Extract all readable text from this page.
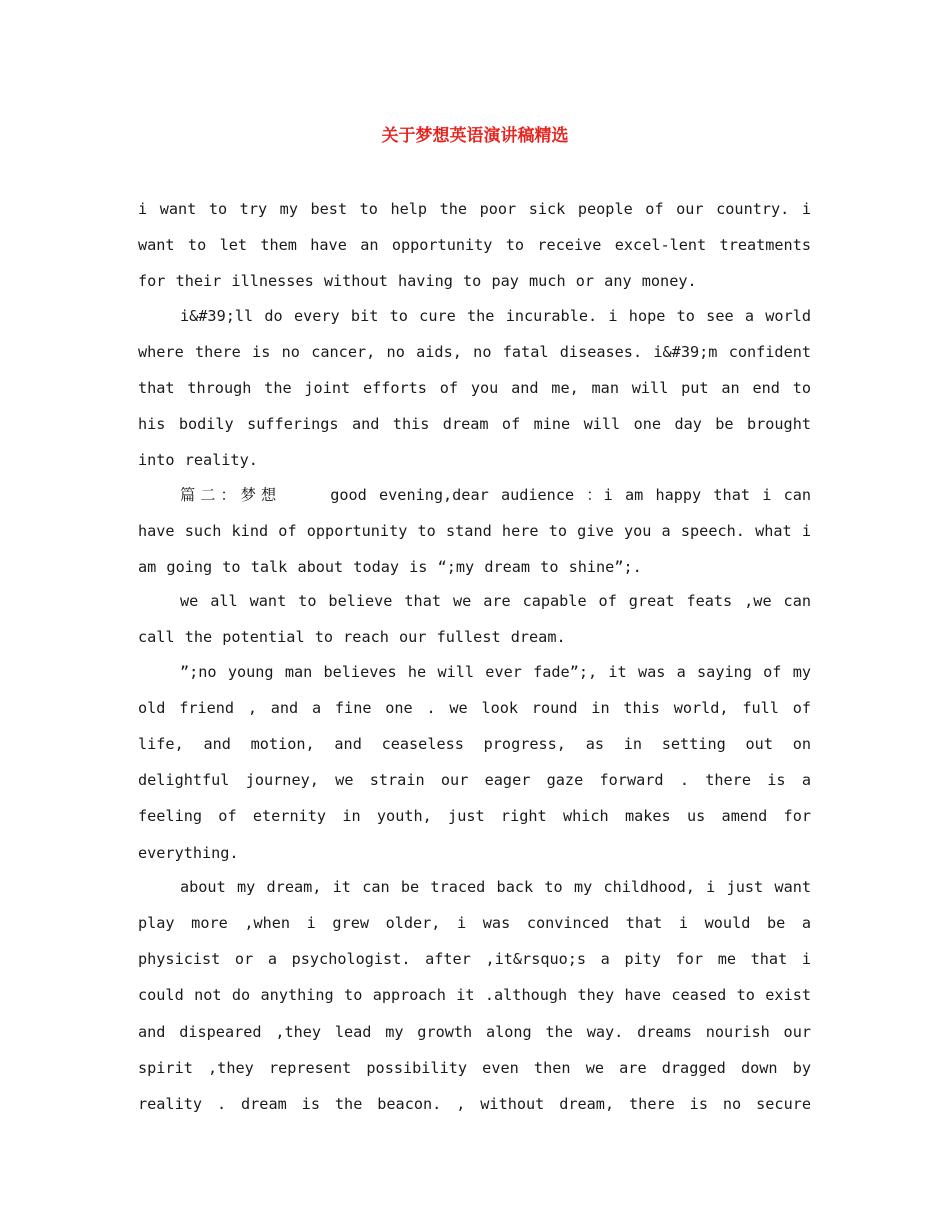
关于梦想英语演讲稿精选

i want to try my best to help the poor sick people of our country. i want to let them have an opportunity to receive excel-lent treatments for their illnesses without having to pay much or any money.

i&#39;ll do every bit to cure the incurable. i hope to see a world where there is no cancer, no aids, no fatal diseases. i&#39;m confident that through the joint efforts of you and me, man will put an end to his bodily sufferings and this dream of mine will one day be brought into reality.

篇二：梦想	good evening,dear audience ：i am happy that i can have such kind of opportunity to stand here to give you a speech. what i am going to talk about today is “;my dream to shine”;.

we all want to believe that we are capable of great feats ,we can call the potential to reach our fullest dream.

”;no young man believes he will ever fade”;, it was a saying of my old friend , and a fine one . we look round in this world, full of life, and motion, and ceaseless progress, as in setting out on delightful journey, we strain our eager gaze forward . there is a feeling of eternity in youth, just right which makes us amend for everything.

about my dream, it can be traced back to my childhood, i just want play more ,when i grew older, i was convinced that i would be a physicist or a psychologist. after ,it&rsquo;s a pity for me that i could not do anything to approach it .although they have ceased to exist and dispeared ,they lead my growth along the way. dreams nourish our spirit ,they represent possibility even then we are dragged down by reality . dream is the beacon. , without dream, there is no secure
